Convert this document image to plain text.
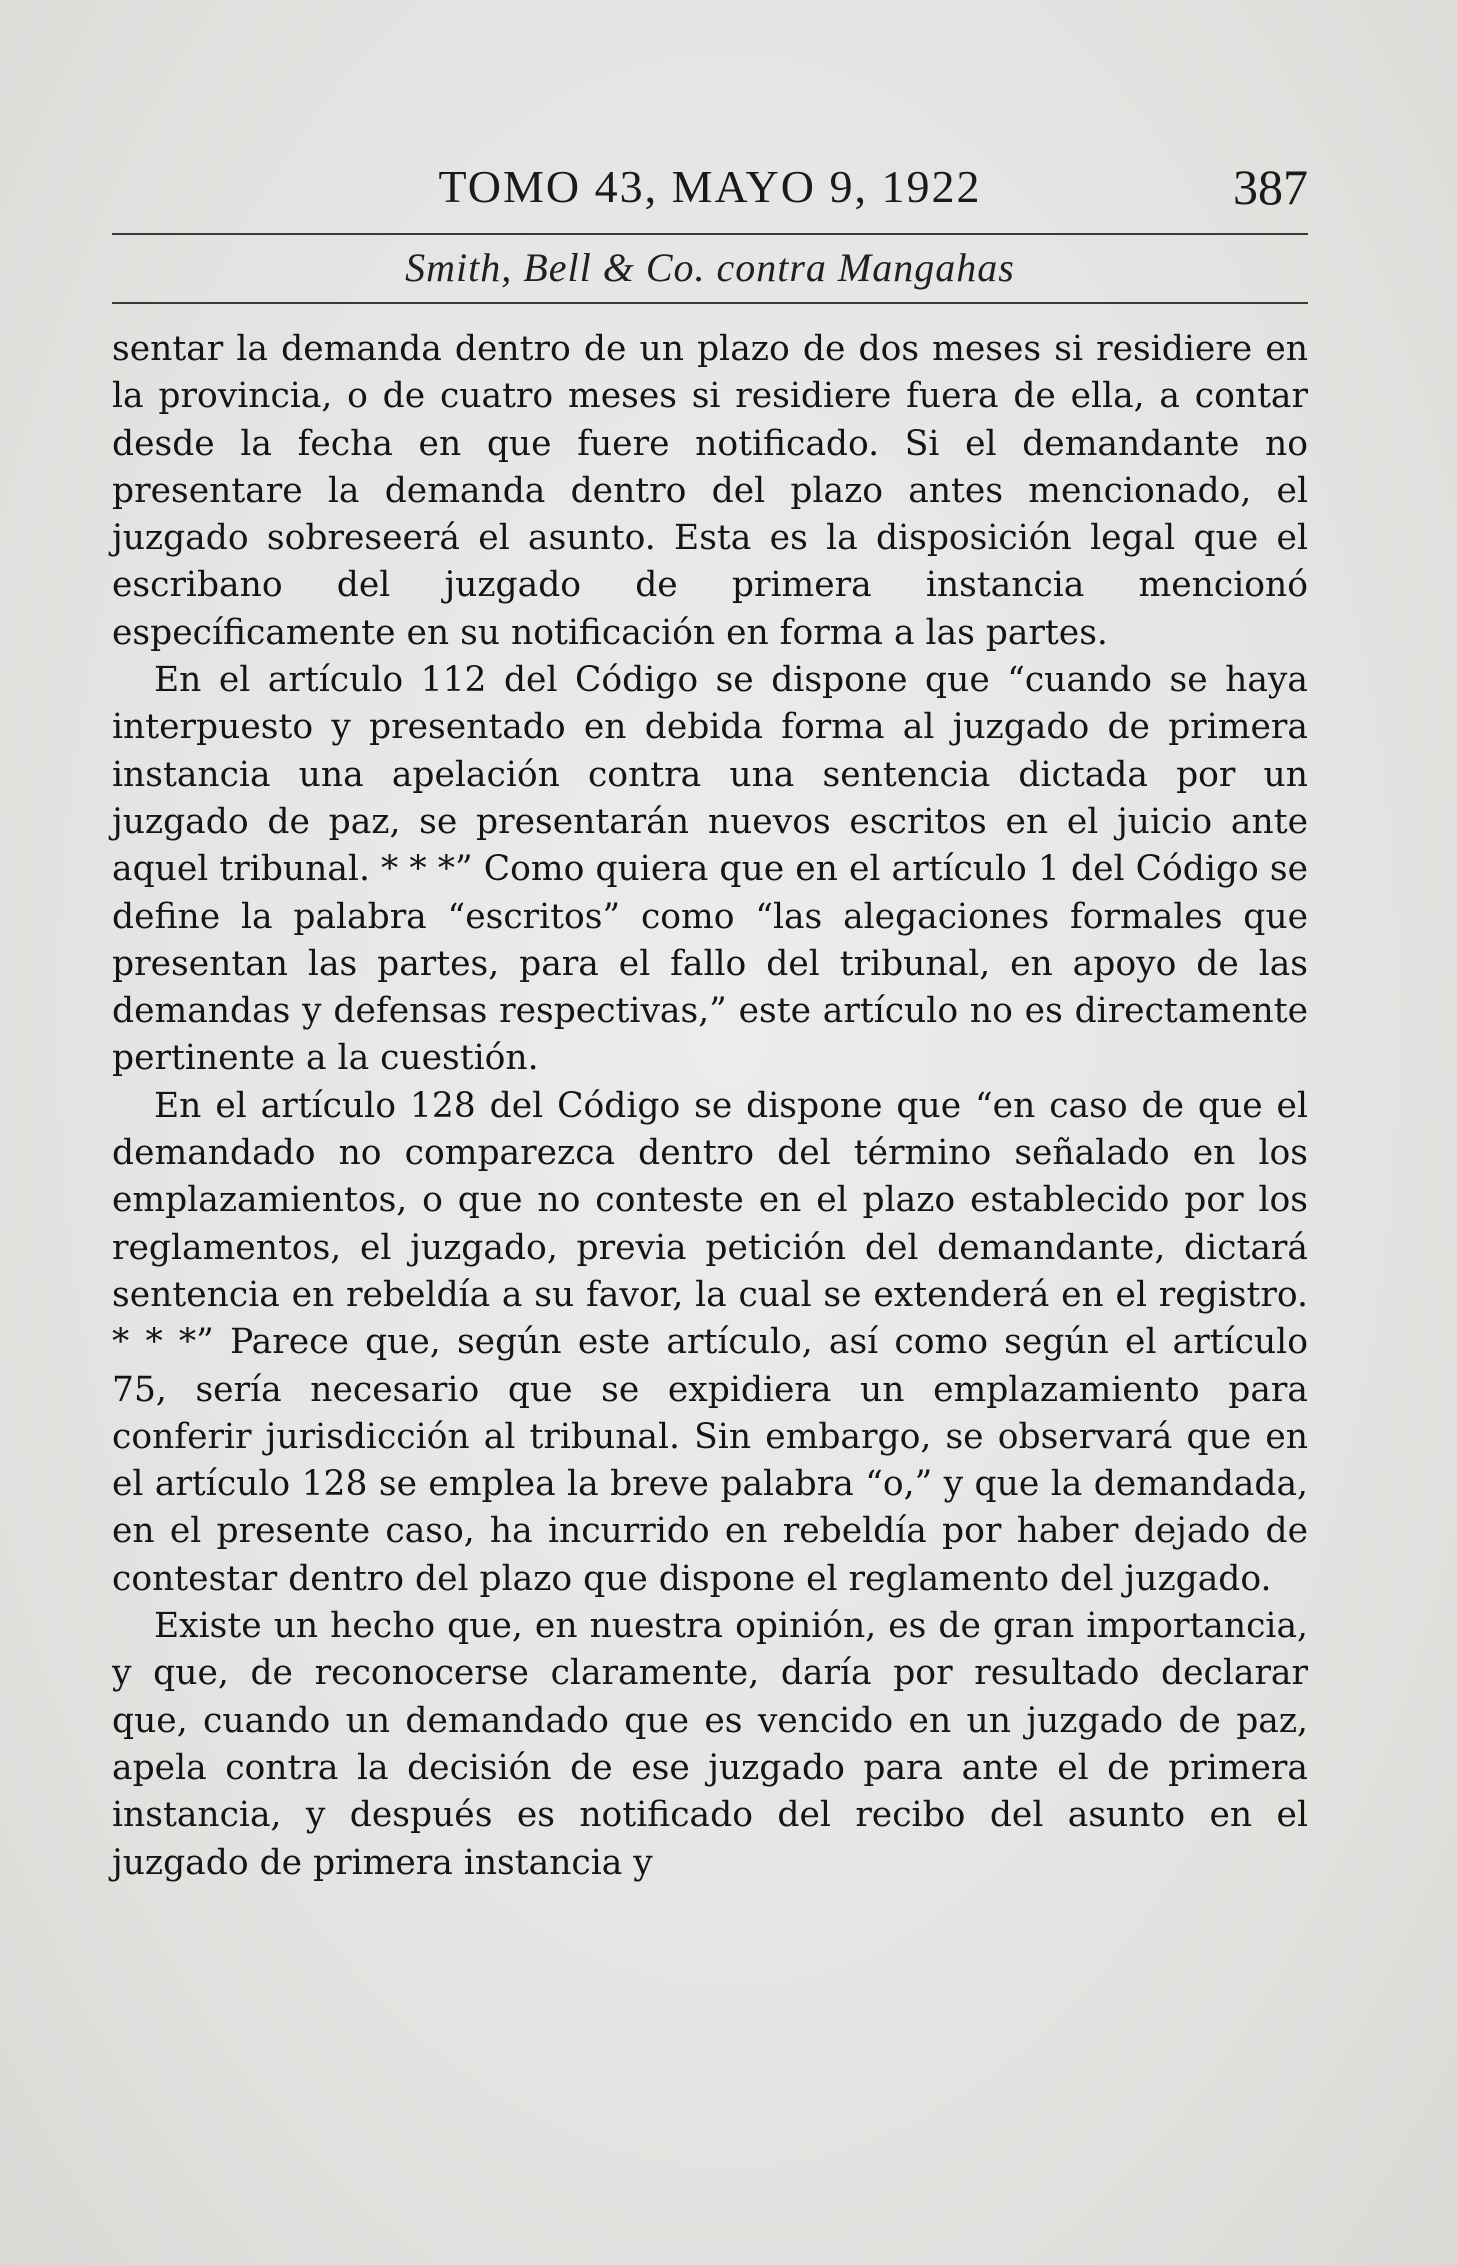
TOMO 43, MAYO 9, 1922	387
Smith, Bell & Co. contra Mangahas

sentar la demanda dentro de un plazo de dos meses si residiere en la provincia, o de cuatro meses si residiere fuera de ella, a contar desde la fecha en que fuere notificado. Si el demandante no presentare la demanda dentro del plazo antes mencionado, el juzgado sobreseerá el asunto. Esta es la disposición legal que el escribano del juzgado de primera instancia mencionó específicamente en su notificación en forma a las partes.

En el artículo 112 del Código se dispone que “cuando se haya interpuesto y presentado en debida forma al juzgado de primera instancia una apelación contra una sentencia dictada por un juzgado de paz, se presentarán nuevos escritos en el juicio ante aquel tribunal. * * *” Como quiera que en el artículo 1 del Código se define la palabra “escritos” como “las alegaciones formales que presentan las partes, para el fallo del tribunal, en apoyo de las demandas y defensas respectivas,” este artículo no es directamente pertinente a la cuestión.

En el artículo 128 del Código se dispone que “en caso de que el demandado no comparezca dentro del término señalado en los emplazamientos, o que no conteste en el plazo establecido por los reglamentos, el juzgado, previa petición del demandante, dictará sentencia en rebeldía a su favor, la cual se extenderá en el registro. * * *” Parece que, según este artículo, así como según el artículo 75, sería necesario que se expidiera un emplazamiento para conferir jurisdicción al tribunal. Sin embargo, se observará que en el artículo 128 se emplea la breve palabra “o,” y que la demandada, en el presente caso, ha incurrido en rebeldía por haber dejado de contestar dentro del plazo que dispone el reglamento del juzgado.

Existe un hecho que, en nuestra opinión, es de gran importancia, y que, de reconocerse claramente, daría por resultado declarar que, cuando un demandado que es vencido en un juzgado de paz, apela contra la decisión de ese juzgado para ante el de primera instancia, y después es notificado del recibo del asunto en el juzgado de primera instancia y
